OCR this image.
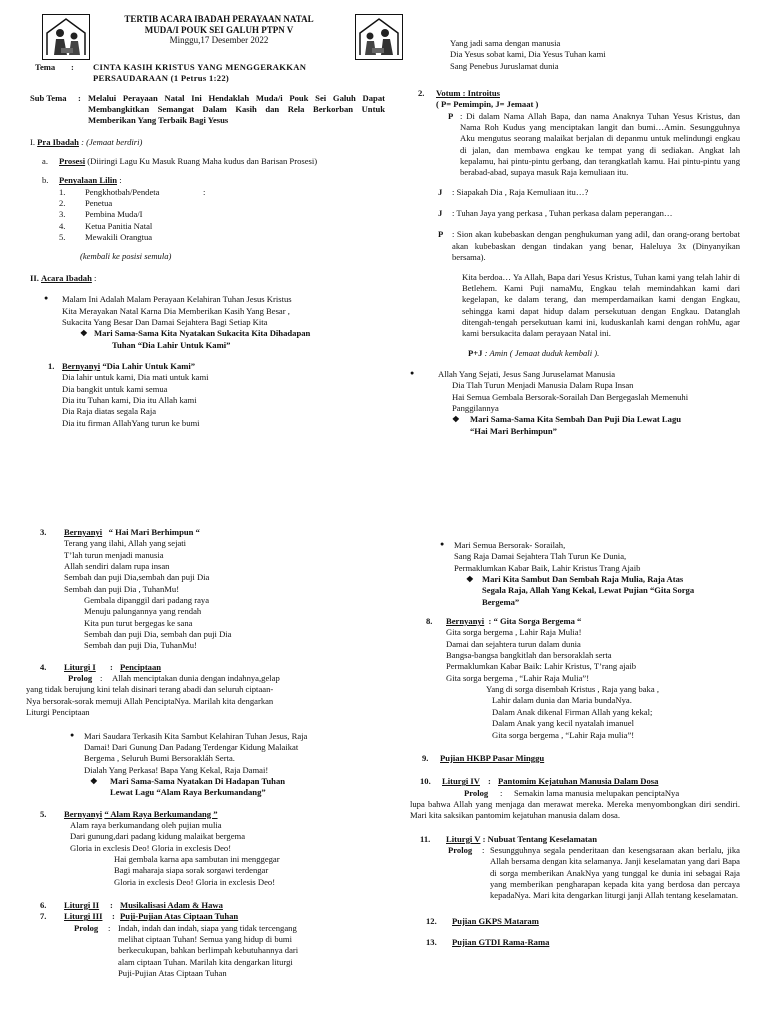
TERTIB ACARA IBADAH PERAYAAN NATAL
MUDA/I POUK SEI GALUH PTPN V
Minggu,17 Desember 2022
Tema	:	CINTA KASIH KRISTUS YANG MENGGERAKKAN
PERSAUDARAAN (1 Petrus 1:22)
Sub Tema	: Melalui Perayaan Natal Ini Hendaklah Muda/i Pouk Sei Galuh Dapat Membangkitkan Semangat Dalam Kasih dan Rela Berkorban Untuk Memberikan Yang Terbaik Bagi Yesus
I. Pra Ibadah : (Jemaat berdiri)
a.	Prosesi (Diiringi Lagu Ku Masuk Ruang Maha kudus dan Barisan Prosesi)
b.	Penyalaan Lilin :
1.	Pengkhotbah/Pendeta	:
2.	Penetua
3.	Pembina Muda/I
4.	Ketua Panitia Natal
5.	Mewakili Orangtua
(kembali ke posisi semula)
II. Acara Ibadah :
●	Malam Ini Adalah Malam Perayaan Kelahiran Tuhan Jesus Kristus
Kita Merayakan Natal Karna Dia Memberikan Kasih Yang Besar ,
Sukacita Yang Besar Dan Damai Sejahtera Bagi Setiap Kita
❖ Mari Sama-Sama Kita Nyatakan Sukacita Kita Dihadapan
Tuhan “Dia Lahir Untuk Kami”
1. Bernyanyi
“Dia Lahir Untuk Kami”
Dia lahir untuk kami, Dia mati untuk kami
Dia bangkit untuk kami semua
Dia itu Tuhan kami, Dia itu Allah kami
Dia Raja diatas segala Raja
Dia itu firman AllahYang turun ke bumi
3.	Bernyanyi
“ Hai Mari Berhimpun “
Terang yang ilahi, Allah yang sejati
T’lah turun menjadi manusia
Allah sendiri dalam rupa insan
Sembah dan puji Dia,sembah dan puji Dia
Sembah dan puji Dia , TuhanMu!
Gembala dipanggil dari padang raya
Menuju palungannya yang rendah
Kita pun turut bergegas ke sana
Sembah dan puji Dia, sembah dan puji Dia
Sembah dan puji Dia, TuhanMu!
4.	Liturgi I	: Penciptaan
Prolog :	Allah menciptakan dunia dengan indahnya,gelap
yang tidak berujung kini telah disinari terang abadi dan seluruh ciptaan-
Nya bersorak-sorak memuji Allah PenciptaNya. Marilah kita dengarkan
Liturgi Penciptaan
●	Mari Saudara Terkasih Kita Sambut Kelahiran Tuhan Jesus, Raja
Damai! Dari Gunung Dan Padang Terdengar Kidung Malaikat
Bergema , Seluruh Bumi Bersorakláh Serta.
Dialah Yang Perkasa! Bapa Yang Kekal, Raja Damai!
❖	Mari Sama-Sama Nyatakan Di Hadapan Tuhan
Lewat Lagu “Alam Raya Berkumandang”
5.	Bernyanyi
“ Alam Raya Berkumandang ”
Alam raya berkumandang oleh pujian mulia
Dari gunung,dari padang kidung malaikat bergema
Gloria in exclesis Deo! Gloria in exclesis Deo!
Hai gembala karna apa sambutan ini menggegar
Bagi maharaja siapa sorak sorgawi terdengar
Gloria in exclesis Deo! Gloria in exclesis Deo!
6.	Liturgi II	: Musikalisasi Adam & Hawa
7.	Liturgi III	: Puji-Pujian Atas Ciptaan Tuhan
Prolog	: Indah, indah dan indah, siapa yang tidak tercengang
melihat ciptaan Tuhan! Semua yang hidup di bumi
berkecukupan, bahkan berlimpah kebutuhannya dari
alam ciptaan Tuhan. Marilah kita dengarkan liturgi
Puji-Pujian Atas Ciptaan Tuhan
Yang jadi sama dengan manusia
Dia Yesus sobat kami, Dia Yesus Tuhan kami
Sang Penebus Juruslamat dunia
2.	Votum : Introitus
( P= Pemimpin, J= Jemaat )
P : Di dalam Nama Allah Bapa, dan nama Anaknya Tuhan Yesus Kristus, dan Nama Roh Kudus yang menciptakan langit dan bumi…Amin. Sesungguhnya Aku mengutus seorang malaikat berjalan di depanmu untuk melindungi engkau di jalan, dan membawa engkau ke tempat yang di sediakan. Angkat lah kepalamu, hai pintu-pintu gerbang, dan terangkatlah kamu. Hai pintu-pintu yang berabad-abad, supaya masuk Raja kemuliaan itu.
J	: Siapakah Dia , Raja Kemuliaan itu…?
J	: Tuhan Jaya yang perkasa , Tuhan perkasa dalam peperangan…
P	: Sion akan kubebaskan dengan penghukuman yang adil, dan orang-orang bertobat akan kubebaskan dengan tindakan yang benar, Haleluya 3x (Dinyanyikan bersama).
Kita berdoa… Ya Allah, Bapa dari Yesus Kristus, Tuhan kami yang telah lahir di Betlehem. Kami Puji namaMu, Engkau telah memindahkan kami dari kegelapan, ke dalam terang, dan memperdamaikan kami dengan Engkau, sehingga kami dapat hidup dalam persekutuan dengan Engkau. Datanglah ditengah-tengah persekutuan kami ini, kuduskanlah kami dengan rohMu, agar kami bersukacita dalam perayaan Natal ini.
P+J : Amin ( Jemaat duduk kembali ).
●	Allah Yang Sejati, Jesus Sang Juruselamat Manusia
Dia Tlah Turun Menjadi Manusia Dalam Rupa Insan
Hai Semua Gembala Bersorak-Sorailah Dan Bergegaslah Memenuhi
Panggilannya
❖	Mari Sama-Sama Kita Sembah Dan Puji Dia Lewat Lagu
“Hai Mari Berhimpun”
●	Mari Semua Bersorak- Sorailah,
Sang Raja Damai Sejahtera Tlah Turun Ke Dunia,
Permaklumkan Kabar Baik, Lahir Kristus Trang Ajaib
❖ Mari Kita Sambut Dan Sembah Raja Mulia, Raja Atas
Segala Raja, Allah Yang Kekal, Lewat Pujian “Gita Sorga
Bergema”
8.	Bernyanyi
: “ Gita Sorga Bergema “
Gita sorga bergema , Lahir Raja Mulia!
Damai dan sejahtera turun dalam dunia
Bangsa-bangsa bangkitlah dan bersoraklah serta
Permaklumkan Kabar Baik: Lahir Kristus, T’rang ajaib
Gita sorga bergema , “Lahir Raja Mulia”!
Yang di sorga disembah Kristus , Raja yang baka ,
Lahir dalam dunia dan Maria bundaNya.
Dalam Anak dikenal Firman Allah yang kekal;
Dalam Anak yang kecil nyatalah imanuel
Gita sorga bergema , “Lahir Raja mulia”!
9.	Pujian HKBP Pasar Minggu
10.	Liturgi IV : Pantomim Kejatuhan Manusia Dalam Dosa
Prolog	:	Semakin lama manusia melupakan penciptaNya
lupa bahwa Allah yang menjaga dan merawat mereka. Mereka menyombongkan diri sendiri. Mari kita saksikan pantomim kejatuhan manusia dalam dosa.
11.	Liturgi V
: Nubuat Tentang Keselamatan
Prolog	: Sesungguhnya segala penderitaan dan kesengsaraan akan berlalu, jika Allah bersama dengan kita selamanya. Janji keselamatan yang dari Bapa di sorga memberikan AnakNya yang tunggal ke dunia ini sebagai Raja yang memberikan pengharapan kepada kita yang berdosa dan percaya kepadaNya. Mari kita dengarkan liturgi janji Allah tentang keselamatan.
12.	Pujian GKPS Mataram
13.	Pujian GTDI Rama-Rama
